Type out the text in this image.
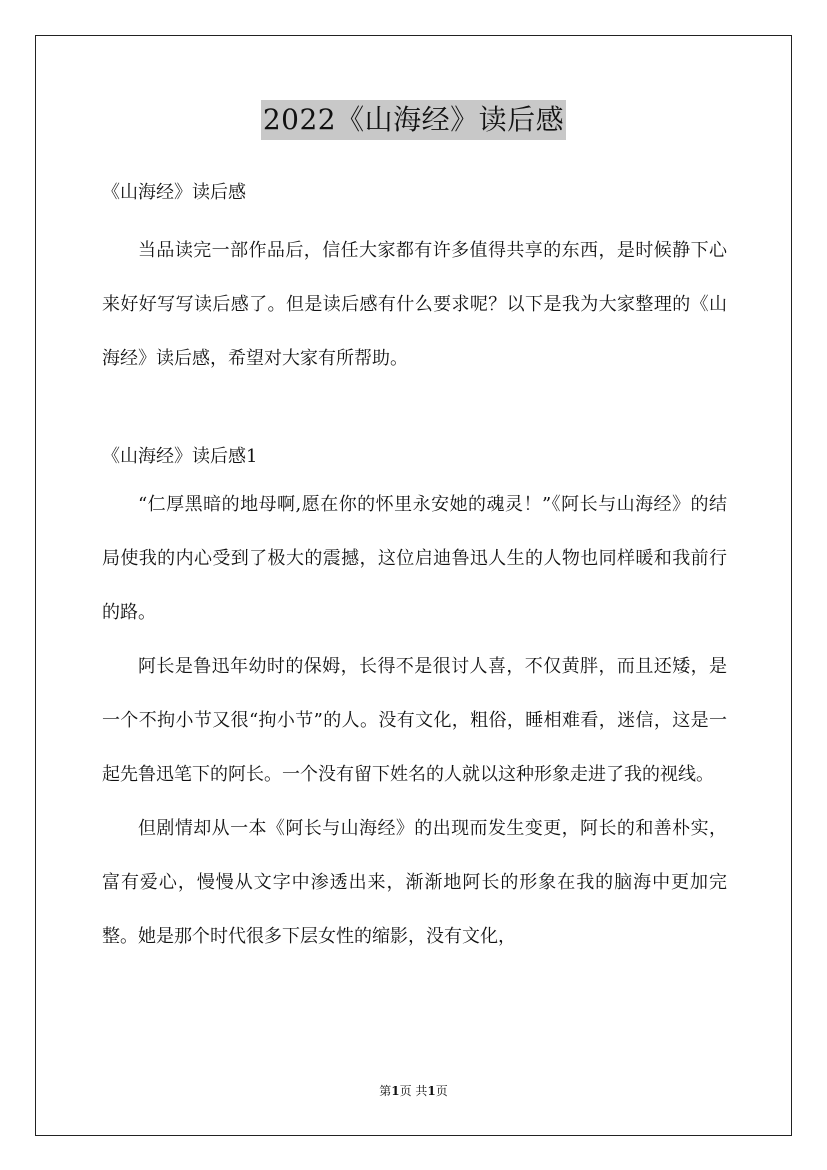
2022《山海经》读后感

《山海经》读后感

当品读完一部作品后，信任大家都有许多值得共享的东西，是时候静下心来好好写写读后感了。但是读后感有什么要求呢？以下是我为大家整理的《山海经》读后感，希望对大家有所帮助。

《山海经》读后感1

“仁厚黑暗的地母啊,愿在你的怀里永安她的魂灵！”《阿长与山海经》的结局使我的内心受到了极大的震撼，这位启迪鲁迅人生的人物也同样暖和我前行的路。

阿长是鲁迅年幼时的保姆，长得不是很讨人喜，不仅黄胖，而且还矮，是一个不拘小节又很“拘小节”的人。没有文化，粗俗，睡相难看，迷信，这是一起先鲁迅笔下的阿长。一个没有留下姓名的人就以这种形象走进了我的视线。

但剧情却从一本《阿长与山海经》的出现而发生变更，阿长的和善朴实，富有爱心，慢慢从文字中渗透出来，渐渐地阿长的形象在我的脑海中更加完整。她是那个时代很多下层女性的缩影，没有文化，

第1页 共1页
